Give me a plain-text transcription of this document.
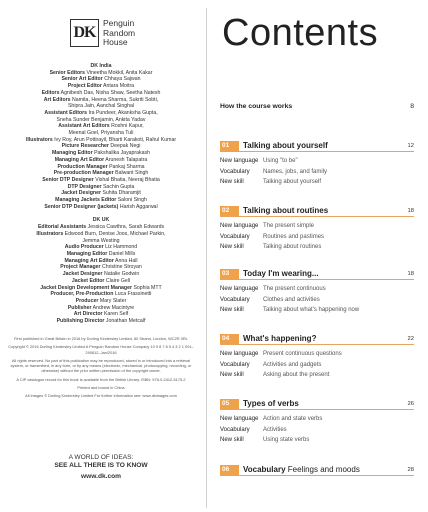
DK
Penguin
Random
House
DK India
Senior Editors Vineetha Mokkil, Anita Kakar
Senior Art Editor Chhaya Sajwan
Project Editor Antara Moitra
Editors Agnibesh Das, Nisha Shaw, Seetha Natesh
Art Editors Namita, Heena Sharma, Sukriti Sobti,
Shipra Jain, Aanchal Singhal
Assistant Editors Ira Pundeer, Akanksha Gupta,
Sneha Sunder Benjamin, Ankita Yadav
Assistant Art Editors Roshni Kapur,
Meenal Goel, Priyansha Tuli
Illustrators Ivy Roy, Arun Pottirayil, Bharti Karakoti, Rahul Kumar
Picture Researcher Deepak Negi
Managing Editor Pakshalika Jayaprakash
Managing Art Editor Arunesh Talapatra
Production Manager Pankaj Sharma
Pre-production Manager Balwant Singh
Senior DTP Designer Vishal Bhatia, Neeraj Bhatia
DTP Designer Sachin Gupta
Jacket Designer Suhita Dharamjit
Managing Jackets Editor Saloni Singh
Senior DTP Designer (jackets) Harish Aggarwal
DK UK
Editorial Assistants Jessica Cawthra, Sarah Edwards
Illustrators Edwood Burn, Denise Joos, Michael Parkin,
Jemma Westing
Audio Producer Liz Hammond
Managing Editor Daniel Mills
Managing Art Editor Anna Hall
Project Manager Christine Stroyan
Jacket Designer Natalie Godwin
Jacket Editor Claire Gell
Jacket Design Development Manager Sophia MTT
Producer, Pre-Production Luca Frassinetti
Producer Mary Slater
Publisher Andrew Macintyre
Art Director Karen Self
Publishing Director Jonathan Metcalf

First published in Great Britain in 2016 by Dorling Kindersley Limited, 80 Strand, London, WC2R 0RL

Copyright © 2016 Dorling Kindersley Limited A Penguin Random House Company 10 9 8 7 6 5 4 3 2 1 001–290812–Jan/2016

All rights reserved. No part of this publication may be reproduced, stored in or introduced into a retrieval system, or transmitted, in any form, or by any means (electronic, mechanical, photocopying, recording, or otherwise) without the prior written permission of the copyright owner.

A CIP catalogue record for this book is available from the British Library. ISBN: 978-0-2412-5175-2

Printed and bound in China

All images © Dorling Kindersley Limited For further information see: www.dkimages.com

A WORLD OF IDEAS:
SEE ALL THERE IS TO KNOW
www.dk.com
Contents
How the course works	8
01	Talking about yourself	12
New language Using "to be"
Vocabulary Names, jobs, and family
New skill	Talking about yourself
02	Talking about routines	18
New language The present simple
Vocabulary Routines and pastimes
New skill	Talking about routines
03	Today I'm wearing...	18
New language The present continuous
Vocabulary Clothes and activities
New skill	Talking about what's happening now
04	What's happening?	22
New language Present continuous questions
Vocabulary Activities and gadgets
New skill	Asking about the present
05	Types of verbs	26
New language Action and state verbs
Vocabulary Activities
New skill	Using state verbs
06	Vocabulary Feelings and moods	28
